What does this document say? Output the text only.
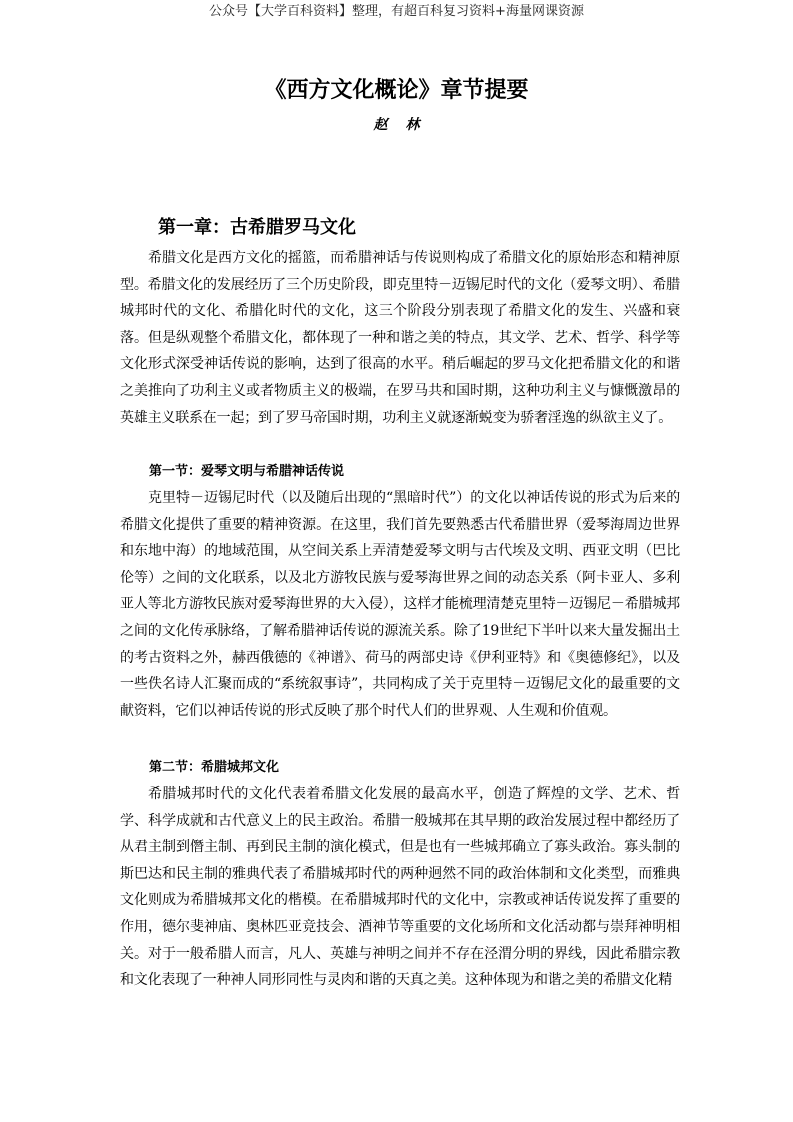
公众号【大学百科资料】整理，有超百科复习资料+海量网课资源
《西方文化概论》章节提要
赵林
第一章：古希腊罗马文化

希腊文化是西方文化的摇篮，而希腊神话与传说则构成了希腊文化的原始形态和精神原型。希腊文化的发展经历了三个历史阶段，即克里特－迈锡尼时代的文化（爱琴文明）、希腊城邦时代的文化、希腊化时代的文化，这三个阶段分别表现了希腊文化的发生、兴盛和衰落。但是纵观整个希腊文化，都体现了一种和谐之美的特点，其文学、艺术、哲学、科学等文化形式深受神话传说的影响，达到了很高的水平。稍后崛起的罗马文化把希腊文化的和谐之美推向了功利主义或者物质主义的极端，在罗马共和国时期，这种功利主义与慷慨激昂的英雄主义联系在一起；到了罗马帝国时期，功利主义就逐渐蜕变为骄奢淫逸的纵欲主义了。

第一节：爱琴文明与希腊神话传说

克里特－迈锡尼时代（以及随后出现的“黑暗时代”）的文化以神话传说的形式为后来的希腊文化提供了重要的精神资源。在这里，我们首先要熟悉古代希腊世界（爱琴海周边世界和东地中海）的地域范围，从空间关系上弄清楚爱琴文明与古代埃及文明、西亚文明（巴比伦等）之间的文化联系，以及北方游牧民族与爱琴海世界之间的动态关系（阿卡亚人、多利亚人等北方游牧民族对爱琴海世界的大入侵），这样才能梳理清楚克里特－迈锡尼－希腊城邦之间的文化传承脉络，了解希腊神话传说的源流关系。除了19世纪下半叶以来大量发掘出土的考古资料之外，赫西俄德的《神谱》、荷马的两部史诗《伊利亚特》和《奥德修纪》，以及一些佚名诗人汇聚而成的“系统叙事诗”，共同构成了关于克里特－迈锡尼文化的最重要的文献资料，它们以神话传说的形式反映了那个时代人们的世界观、人生观和价值观。

第二节：希腊城邦文化

希腊城邦时代的文化代表着希腊文化发展的最高水平，创造了辉煌的文学、艺术、哲学、科学成就和古代意义上的民主政治。希腊一般城邦在其早期的政治发展过程中都经历了从君主制到僭主制、再到民主制的演化模式，但是也有一些城邦确立了寡头政治。寡头制的斯巴达和民主制的雅典代表了希腊城邦时代的两种迥然不同的政治体制和文化类型，而雅典文化则成为希腊城邦文化的楷模。在希腊城邦时代的文化中，宗教或神话传说发挥了重要的作用，德尔斐神庙、奥林匹亚竞技会、酒神节等重要的文化场所和文化活动都与崇拜神明相关。对于一般希腊人而言，凡人、英雄与神明之间并不存在泾渭分明的界线，因此希腊宗教和文化表现了一种神人同形同性与灵肉和谐的天真之美。这种体现为和谐之美的希腊文化精
